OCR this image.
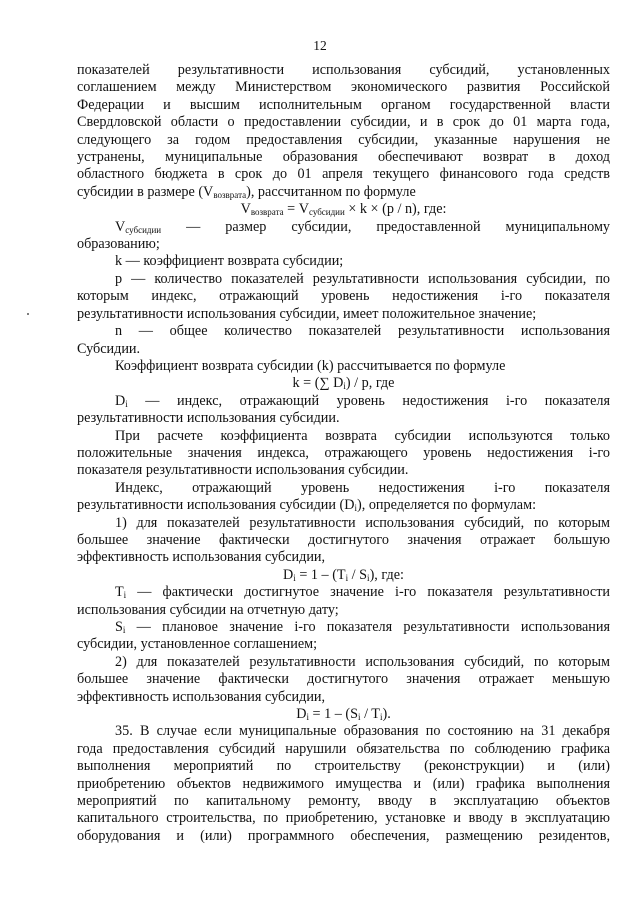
12

показателей результативности использования субсидий, установленных

соглашением между Министерством экономического развития Российской

Федерации и высшим исполнительным органом государственной власти

Свердловской области о предоставлении субсидии, и в срок до 01 марта года,

следующего за годом предоставления субсидии, указанные нарушения не

устранены, муниципальные образования обеспечивают возврат в доход

областного бюджета в срок до 01 апреля текущего финансового года средств

субсидии в размере $(V_{возврата})$, рассчитанном по формуле

$V_{возврата} = V_{субсидии} \times k \times (p / n)$, где:

$V_{субсидии}$ — размер субсидии, предоставленной муниципальному

образованию;

k — коэффициент возврата субсидии;

p — количество показателей результативности использования субсидии, по

которым индекс, отражающий уровень недостижения i-го показателя

результативности использования субсидии, имеет положительное значение;

n — общее количество показателей результативности использования

Субсидии.

Коэффициент возврата субсидии (k) рассчитывается по формуле

k = (∑ $D_i$) / p, где

$D_i$ — индекс, отражающий уровень недостижения i-го показателя

результативности использования субсидии.

При расчете коэффициента возврата субсидии используются только

положительные значения индекса, отражающего уровень недостижения i-го

показателя результативности использования субсидии.

Индекс, отражающий уровень недостижения i-го показателя

результативности использования субсидии $(D_i)$, определяется по формулам:

1) для показателей результативности использования субсидий, по которым

большее значение фактически достигнутого значения отражает большую

эффективность использования субсидии,

$D_i = 1 - (T_i / S_i)$, где:

$T_i$ — фактически достигнутое значение i-го показателя результативности

использования субсидии на отчетную дату;

$S_i$ — плановое значение i-го показателя результативности использования

субсидии, установленное соглашением;

2) для показателей результативности использования субсидий, по которым

большее значение фактически достигнутого значения отражает меньшую

эффективность использования субсидии,

$D_i = 1 - (S_i / T_i)$.

35. В случае если муниципальные образования по состоянию на 31 декабря

года предоставления субсидий нарушили обязательства по соблюдению графика

выполнения мероприятий по строительству (реконструкции) и (или)

приобретению объектов недвижимого имущества и (или) графика выполнения

мероприятий по капитальному ремонту, вводу в эксплуатацию объектов

капитального строительства, по приобретению, установке и вводу в эксплуатацию

оборудования и (или) программного обеспечения, размещению резидентов,
